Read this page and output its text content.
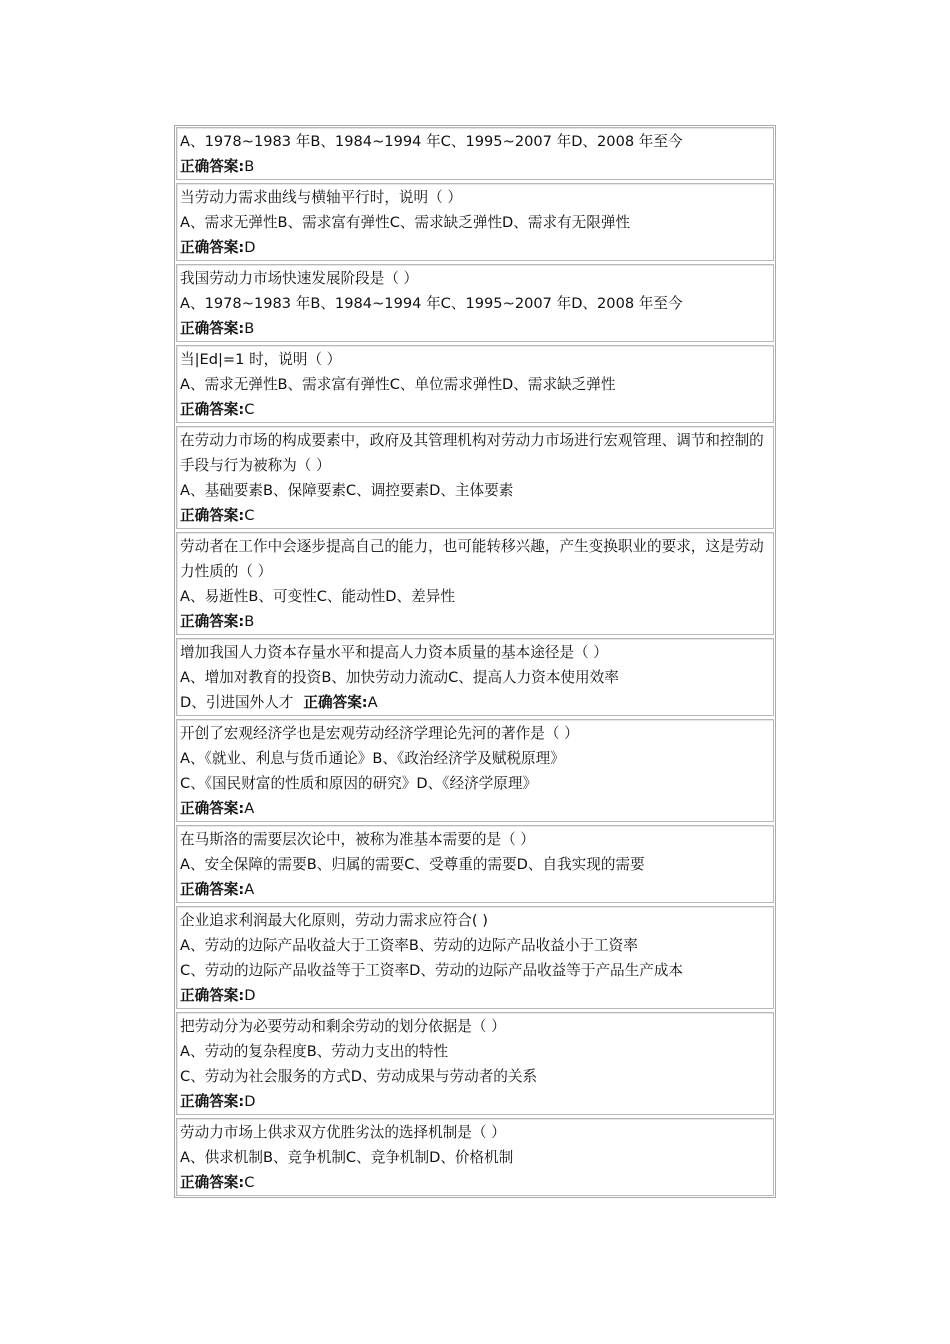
A、1978~1983 年B、1984~1994 年C、1995~2007 年D、2008 年至今
正确答案:B
当劳动力需求曲线与横轴平行时，说明（ ）
A、需求无弹性B、需求富有弹性C、需求缺乏弹性D、需求有无限弹性
正确答案:D
我国劳动力市场快速发展阶段是（ ）
A、1978~1983 年B、1984~1994 年C、1995~2007 年D、2008 年至今
正确答案:B
当|Ed|=1 时，说明（ ）
A、需求无弹性B、需求富有弹性C、单位需求弹性D、需求缺乏弹性
正确答案:C
在劳动力市场的构成要素中，政府及其管理机构对劳动力市场进行宏观管理、调节和控制的手段与行为被称为（ ）
A、基础要素B、保障要素C、调控要素D、主体要素
正确答案:C
劳动者在工作中会逐步提高自己的能力，也可能转移兴趣，产生变换职业的要求，这是劳动力性质的（ ）
A、易逝性B、可变性C、能动性D、差异性
正确答案:B
增加我国人力资本存量水平和提高人力资本质量的基本途径是（ ）
A、增加对教育的投资B、加快劳动力流动C、提高人力资本使用效率
D、引进国外人才 正确答案:A
开创了宏观经济学也是宏观劳动经济学理论先河的著作是（ ）
A、《就业、利息与货币通论》B、《政治经济学及赋税原理》
C、《国民财富的性质和原因的研究》D、《经济学原理》
正确答案:A
在马斯洛的需要层次论中，被称为准基本需要的是（ ）
A、安全保障的需要B、归属的需要C、受尊重的需要D、自我实现的需要
正确答案:A
企业追求利润最大化原则，劳动力需求应符合( )
A、劳动的边际产品收益大于工资率B、劳动的边际产品收益小于工资率
C、劳动的边际产品收益等于工资率D、劳动的边际产品收益等于产品生产成本
正确答案:D
把劳动分为必要劳动和剩余劳动的划分依据是（ ）
A、劳动的复杂程度B、劳动力支出的特性
C、劳动为社会服务的方式D、劳动成果与劳动者的关系
正确答案:D
劳动力市场上供求双方优胜劣汰的选择机制是（ ）
A、供求机制B、竞争机制C、竞争机制D、价格机制
正确答案:C
